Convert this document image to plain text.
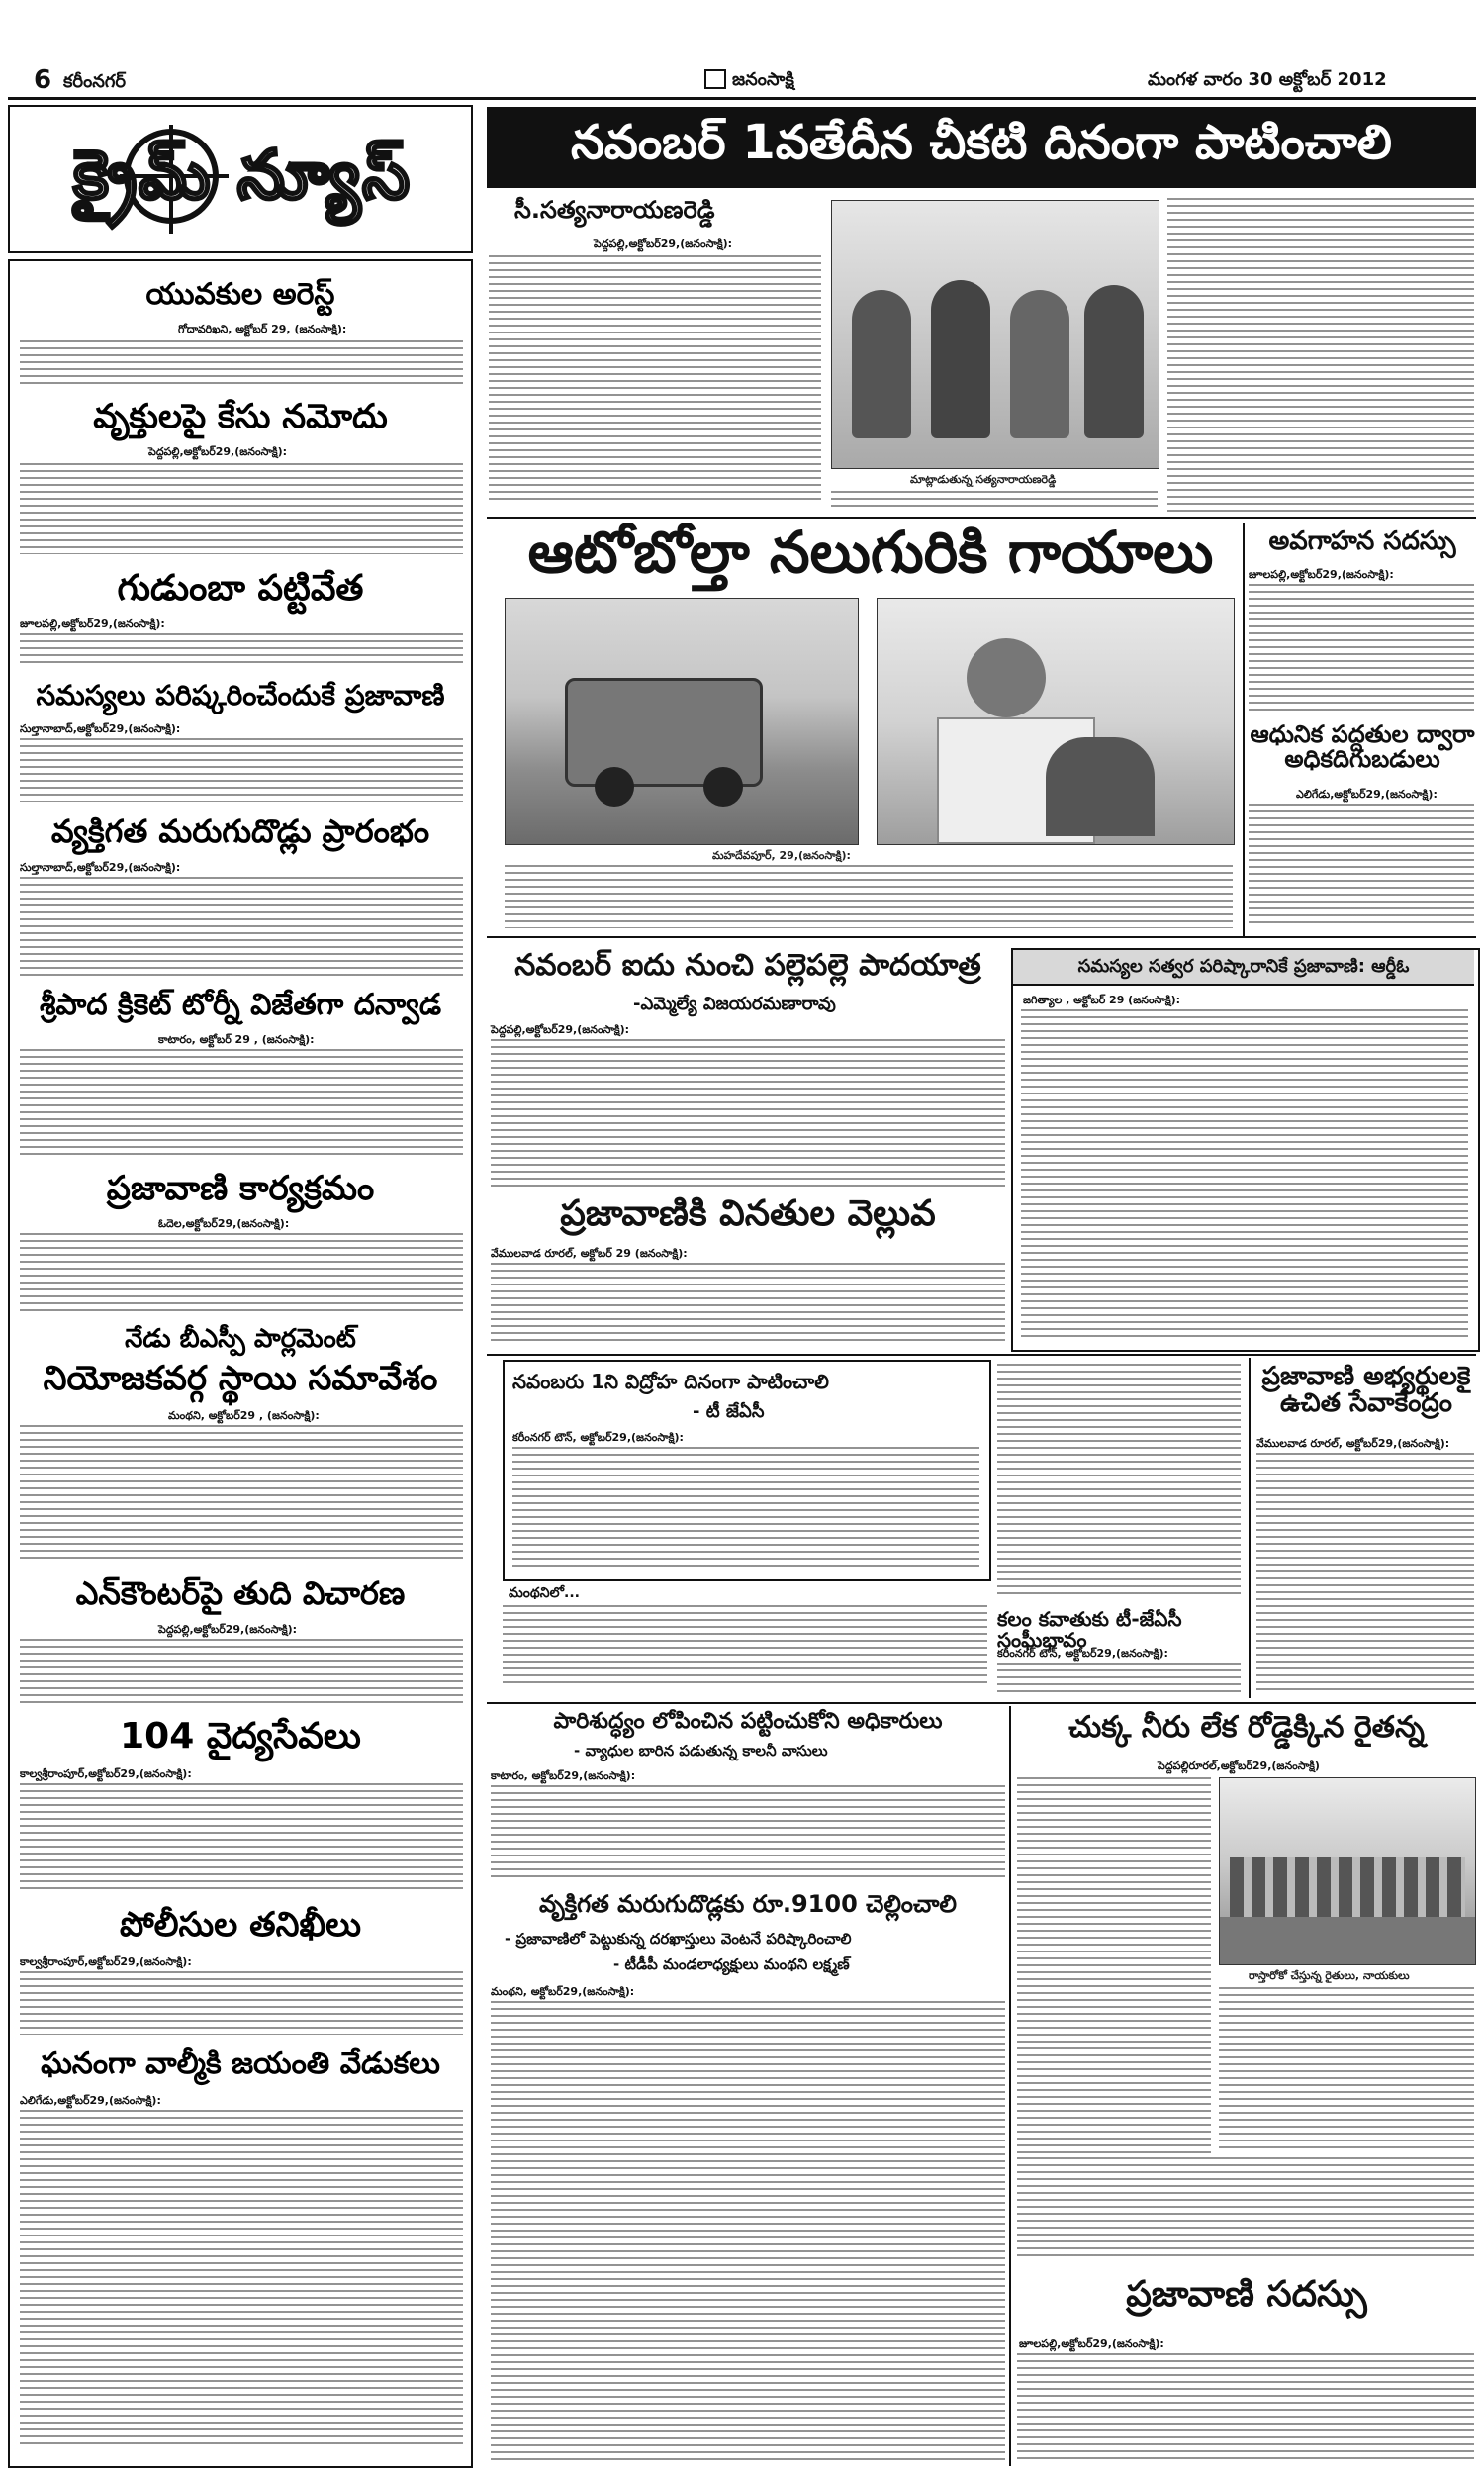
6 కరీంనగర్	జనంసాక్షి	మంగళ వారం 30 అక్టోబర్ 2012
క్రైమ్ న్యూస్
యువకుల అరెస్ట్
గోదావరిఖని, అక్టోబర్ 29, (జనంసాక్షి):
వృక్తులపై కేసు నమోదు
పెద్దపల్లి,అక్టోబర్29,(జనంసాక్షి):
గుడుంబా పట్టివేత
జూలపల్లి,అక్టోబర్29,(జనంసాక్షి):
సమస్యలు పరిష్కరించేందుకే ప్రజావాణి
సుల్తానాబాద్,అక్టోబర్29,(జనంసాక్షి):
వ్యక్తిగత మరుగుదొడ్లు ప్రారంభం
సుల్తానాబాద్,అక్టోబర్29,(జనంసాక్షి):
శ్రీపాద క్రికెట్ టోర్నీ విజేతగా దన్వాడ
కాటారం, అక్టోబర్ 29 , (జనంసాక్షి):
ప్రజావాణి కార్యక్రమం
ఓదెల,అక్టోబర్29,(జనంసాక్షి):
నేడు బీఎస్పీ పార్లమెంట్
నియోజకవర్గ స్థాయి సమావేశం
మంథని, అక్టోబర్29 , (జనంసాక్షి):
ఎన్‌కౌంటర్‌పై తుది విచారణ
పెద్దపల్లి,అక్టోబర్29,(జనంసాక్షి):
104 వైద్యసేవలు
కాల్వశ్రీరాంపూర్,అక్టోబర్29,(జనంసాక్షి):
పోలీసుల తనిఖీలు
కాల్వశ్రీరాంపూర్,అక్టోబర్29,(జనంసాక్షి):
ఘనంగా వాల్మీకి జయంతి వేడుకలు
ఎలిగేడు,అక్టోబర్29,(జనంసాక్షి):
నవంబర్ 1వతేదీన చీకటి దినంగా పాటించాలి
సీ.సత్యనారాయణరెడ్డి
పెద్దపల్లి,అక్టోబర్29,(జనంసాక్షి):
మాట్లాడుతున్న సత్యనారాయణరెడ్డి
ఆటోబోల్తా నలుగురికి గాయాలు
మహదేవపూర్, 29,(జనంసాక్షి):
అవగాహన సదస్సు
జూలపల్లి,అక్టోబర్29,(జనంసాక్షి):
ఆధునిక పద్దతుల ద్వారా అధికదిగుబడులు
ఎలిగేడు,అక్టోబర్29,(జనంసాక్షి):
నవంబర్ ఐదు నుంచి పల్లెపల్లె పాదయాత్ర
-ఎమ్మెల్యే విజయరమణారావు
పెద్దపల్లి,అక్టోబర్29,(జనంసాక్షి):
ప్రజావాణికి వినతుల వెల్లువ
వేములవాడ రూరల్, అక్టోబర్ 29 (జనంసాక్షి):
సమస్యల సత్వర పరిష్కారానికే ప్రజావాణి: ఆర్డీఓ
జగిత్యాల , అక్టోబర్ 29 (జనంసాక్షి):
నవంబరు 1ని విద్రోహ దినంగా పాటించాలి
- టీ జేఏసీ
కరీంనగర్ టౌన్, అక్టోబర్29,(జనంసాక్షి):
మంథనిలో...
కలం కవాతుకు టీ-జేఏసీ సంఘీభావం
కరీంనగర్ టౌన్, అక్టోబర్29,(జనంసాక్షి):
ప్రజావాణి అభ్యర్థులకై ఉచిత సేవాకేంద్రం
వేములవాడ రూరల్, అక్టోబర్29,(జనంసాక్షి):
పారిశుద్ధ్యం లోపించిన పట్టించుకోని అధికారులు
- వ్యాధుల బారిన పడుతున్న కాలనీ వాసులు
కాటారం, అక్టోబర్29,(జనంసాక్షి):
వృక్తిగత మరుగుదొడ్లకు రూ.9100 చెల్లించాలి
- ప్రజావాణిలో పెట్టుకున్న దరఖాస్తులు వెంటనే పరిష్కారించాలి
- టీడీపీ మండలాధ్యక్షులు మంథని లక్ష్మణ్
మంథని, అక్టోబర్29,(జనంసాక్షి):
చుక్క నీరు లేక రోడ్డెక్కిన రైతన్న
పెద్దపల్లిరూరల్,అక్టోబర్29,(జనంసాక్షి)
రాస్తారోకో చేస్తున్న రైతులు, నాయకులు
ప్రజావాణి సదస్సు
జూలపల్లి,అక్టోబర్29,(జనంసాక్షి):
